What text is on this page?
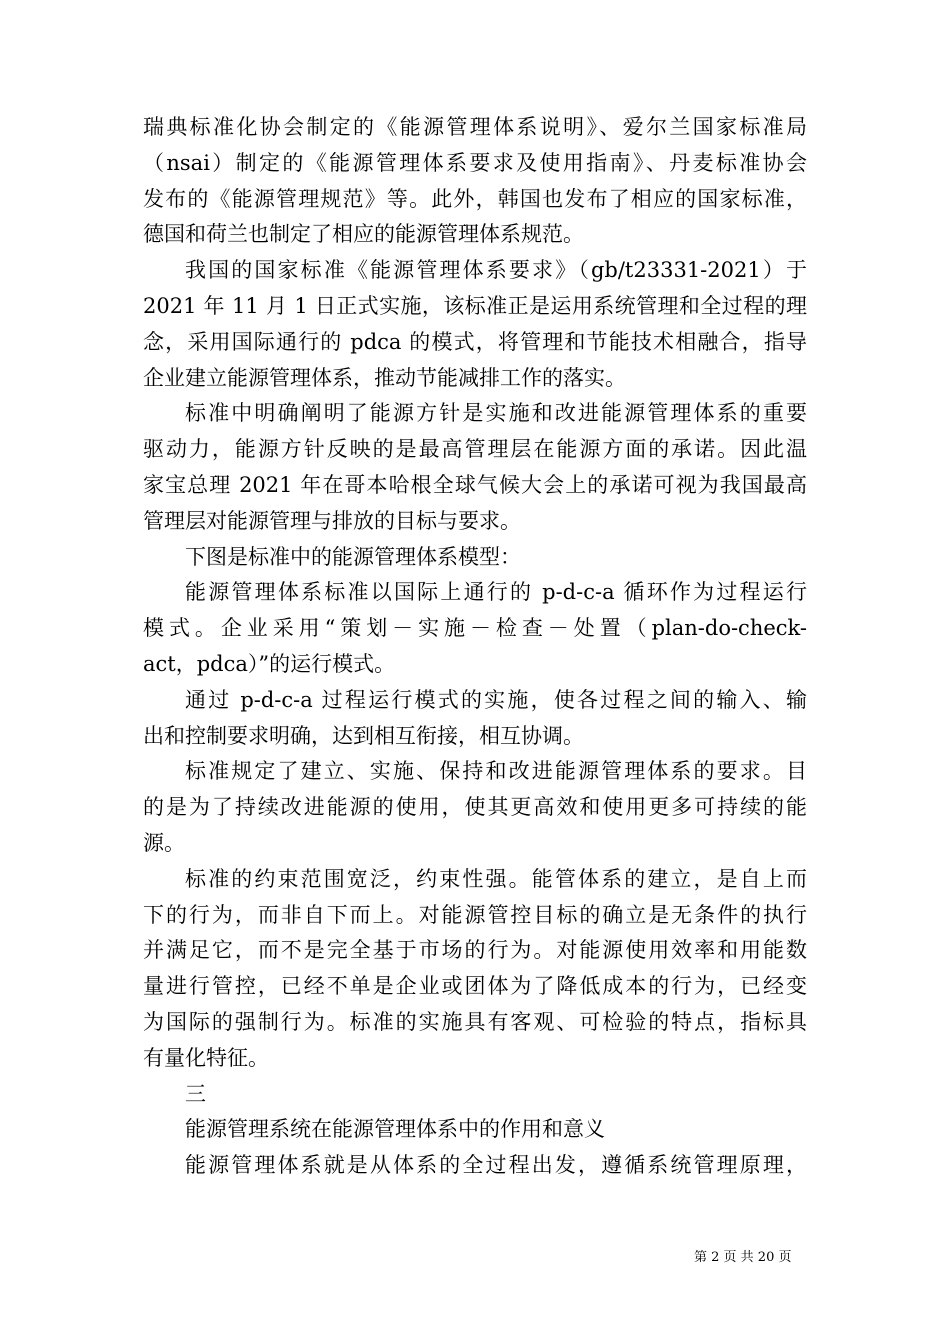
瑞典标准化协会制定的《能源管理体系说明》、爱尔兰国家标准局
（nsai）制定的《能源管理体系要求及使用指南》、丹麦标准协会
发布的《能源管理规范》等。此外，韩国也发布了相应的国家标准，
德国和荷兰也制定了相应的能源管理体系规范。
我国的国家标准《能源管理体系要求》（gb/t23331-2021）于
2021 年 11 月 1 日正式实施，该标准正是运用系统管理和全过程的理
念，采用国际通行的 pdca 的模式，将管理和节能技术相融合，指导
企业建立能源管理体系，推动节能减排工作的落实。
标准中明确阐明了能源方针是实施和改进能源管理体系的重要
驱动力，能源方针反映的是最高管理层在能源方面的承诺。因此温
家宝总理 2021 年在哥本哈根全球气候大会上的承诺可视为我国最高
管理层对能源管理与排放的目标与要求。
下图是标准中的能源管理体系模型：
能源管理体系标准以国际上通行的 p-d-c-a 循环作为过程运行
模式。企业采用“策划－实施－检查－处置（plan-do-check-
act，pdca）”的运行模式。
通过 p-d-c-a 过程运行模式的实施，使各过程之间的输入、输
出和控制要求明确，达到相互衔接，相互协调。
标准规定了建立、实施、保持和改进能源管理体系的要求。目
的是为了持续改进能源的使用，使其更高效和使用更多可持续的能
源。
标准的约束范围宽泛，约束性强。能管体系的建立，是自上而
下的行为，而非自下而上。对能源管控目标的确立是无条件的执行
并满足它，而不是完全基于市场的行为。对能源使用效率和用能数
量进行管控，已经不单是企业或团体为了降低成本的行为，已经变
为国际的强制行为。标准的实施具有客观、可检验的特点，指标具
有量化特征。
三
能源管理系统在能源管理体系中的作用和意义
能源管理体系就是从体系的全过程出发，遵循系统管理原理，
第 2 页 共 20 页
